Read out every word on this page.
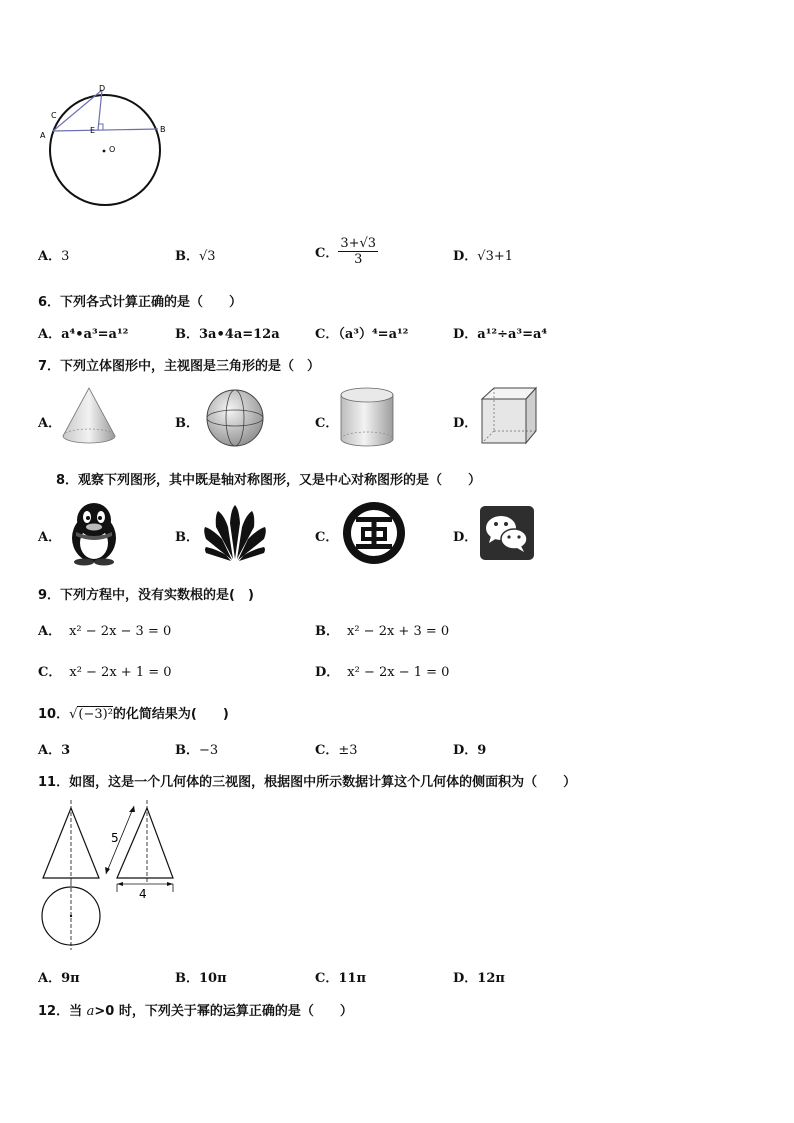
A
B
C
D
E
O
A．3	B．√3	C． $\frac{3+√3}{3}$	D．√3+1
6．下列各式计算正确的是（　　）
A．a⁴•a³=a¹²	B．3a•4a=12a	C．（a³）⁴=a¹²	D．a¹²÷a³=a⁴
7．下列立体图形中，主视图是三角形的是（　）
A．	B．	C．	D．
8．观察下列图形，其中既是轴对称图形，又是中心对称图形的是（　　）
A．	B．	C．	D．
9．下列方程中，没有实数根的是(　)
A． x² − 2x − 3 = 0	B． x² − 2x + 3 = 0
C． x² − 2x + 1 = 0	D． x² − 2x − 1 = 0
10．√(−3)²的化简结果为(　　)
A．3	B．−3	C．±3	D．9
11．如图，这是一个几何体的三视图，根据图中所示数据计算这个几何体的侧面积为（　　）
5
4
A．9π	B．10π	C．11π	D．12π
12．当 a>0 时，下列关于幂的运算正确的是（　　）
